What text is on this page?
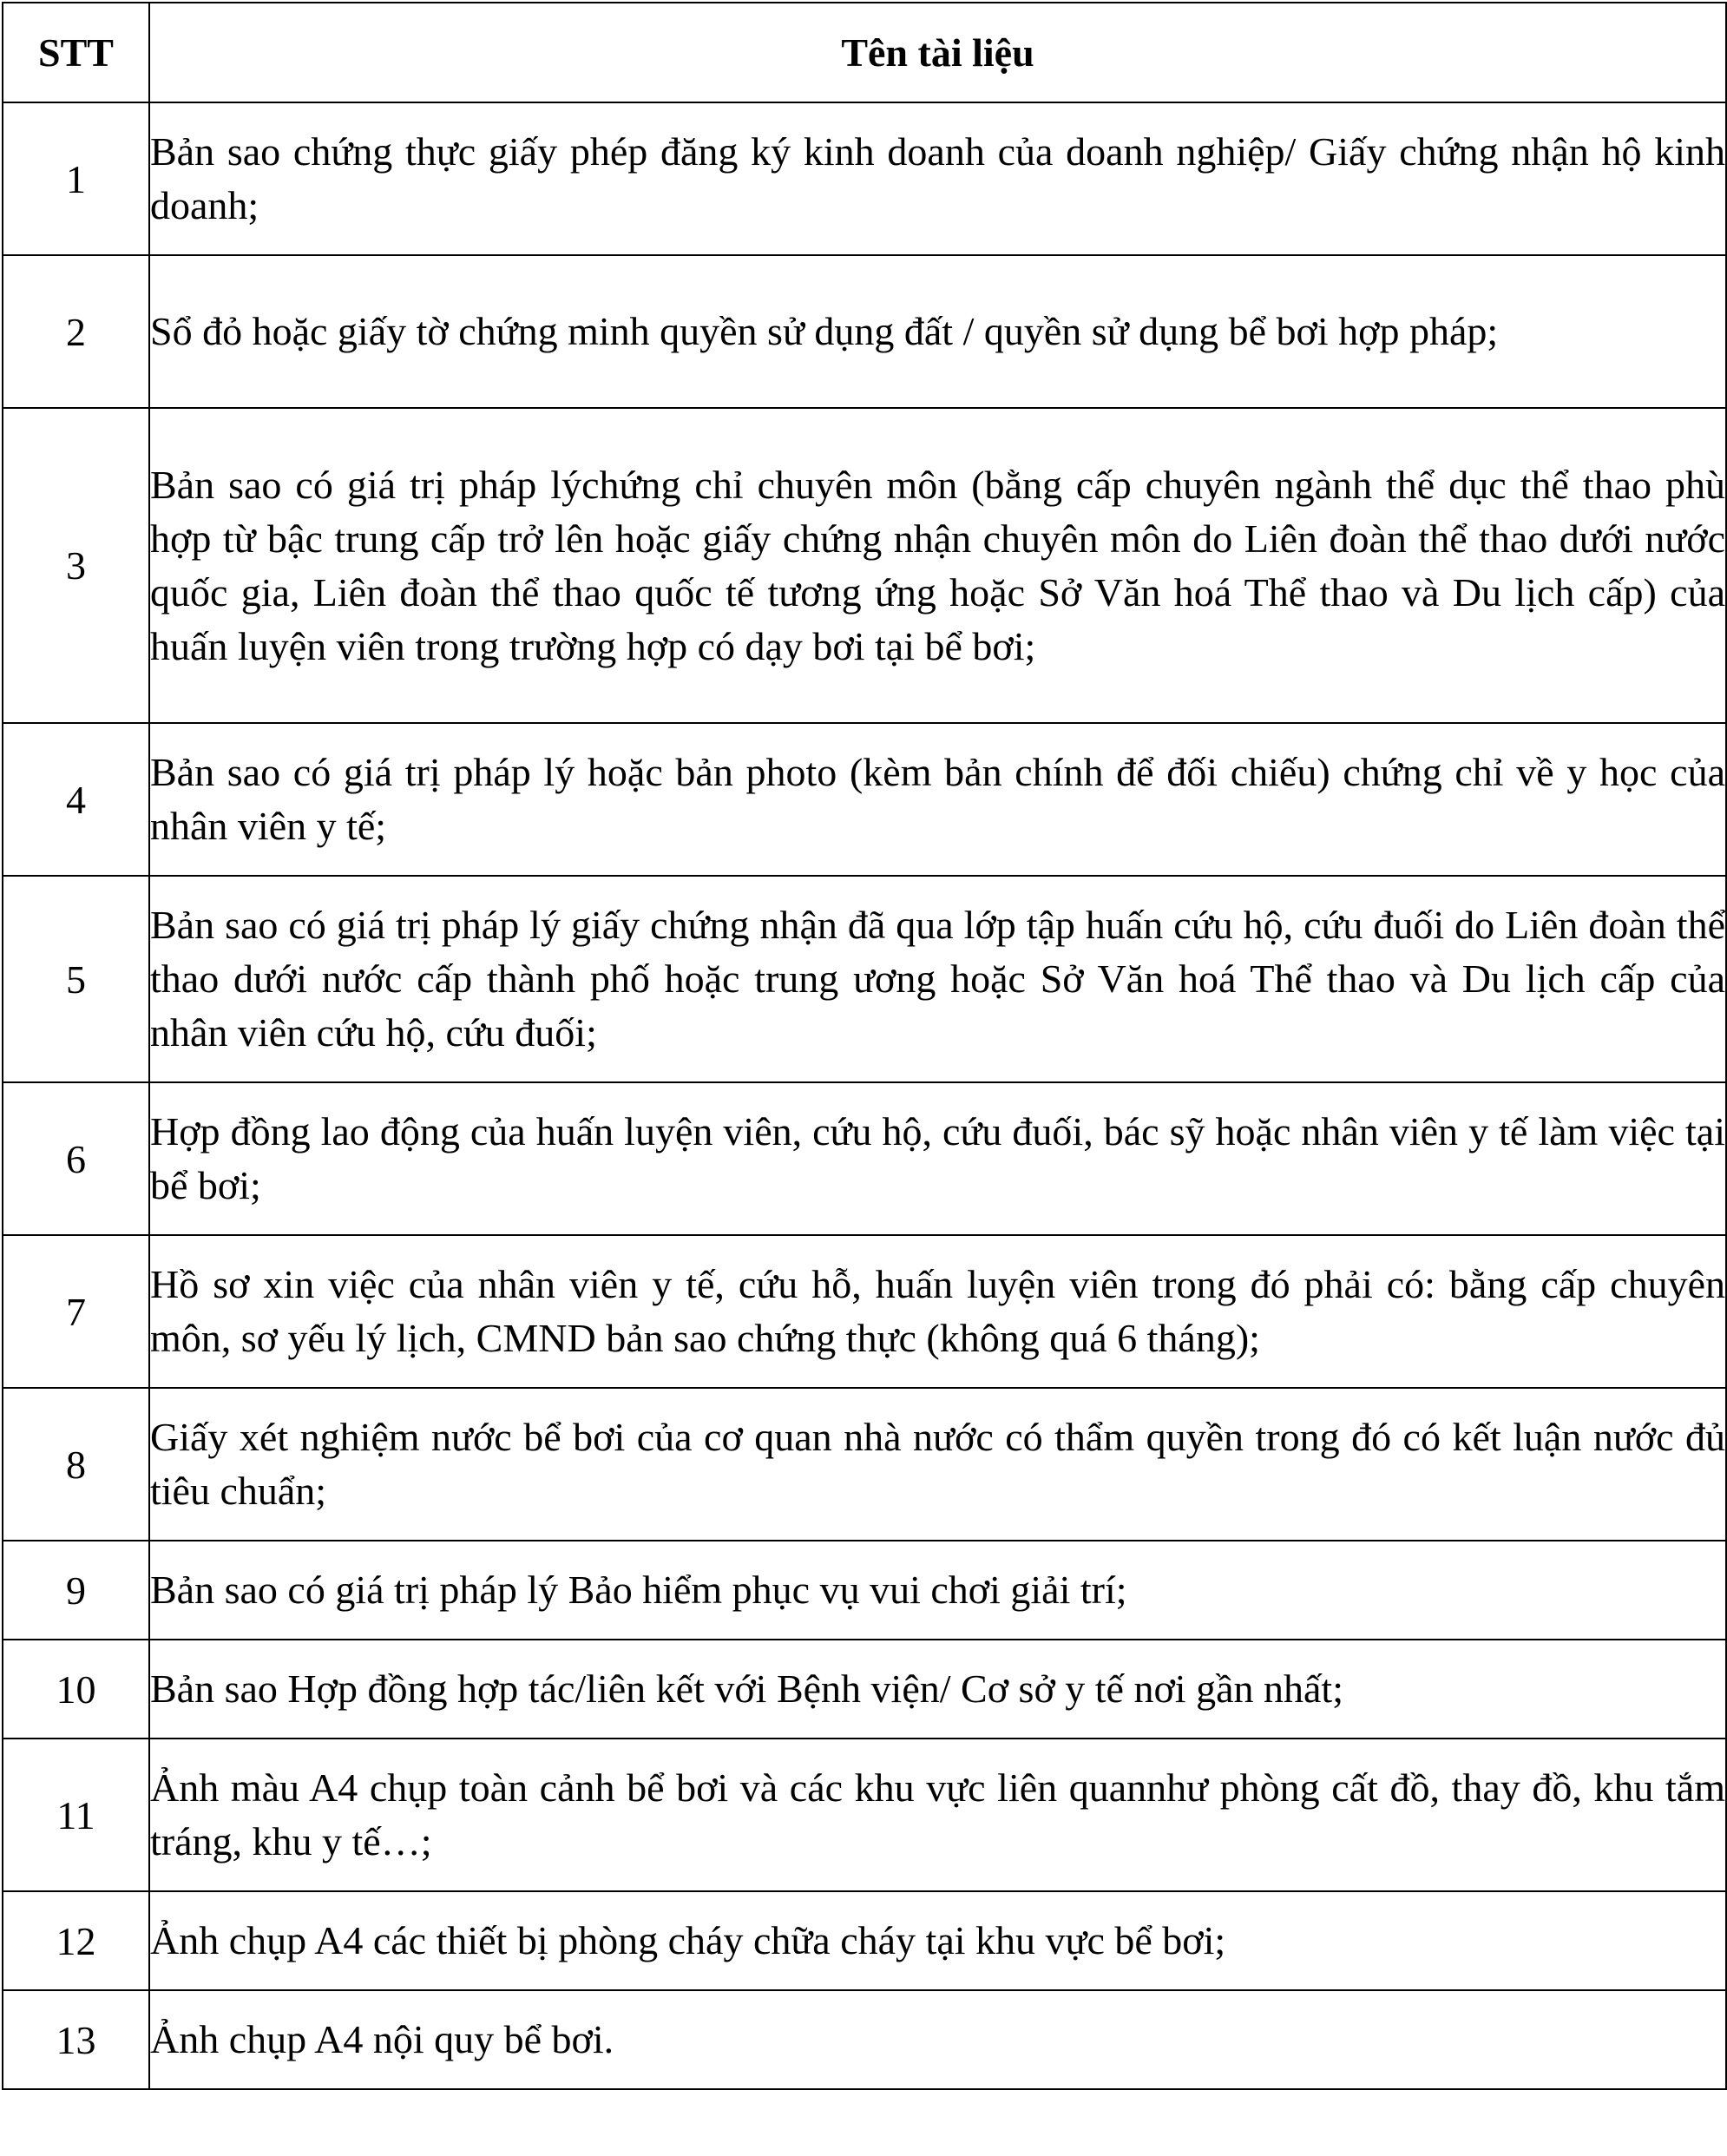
STT	Tên tài liệu
1	Bản sao chứng thực giấy phép đăng ký kinh doanh của doanh nghiệp/ Giấy chứng nhận hộ kinh doanh;
2	Sổ đỏ hoặc giấy tờ chứng minh quyền sử dụng đất / quyền sử dụng bể bơi hợp pháp;
3	Bản sao có giá trị pháp lýchứng chỉ chuyên môn (bằng cấp chuyên ngành thể dục thể thao phù hợp từ bậc trung cấp trở lên hoặc giấy chứng nhận chuyên môn do Liên đoàn thể thao dưới nước quốc gia, Liên đoàn thể thao quốc tế tương ứng hoặc Sở Văn hoá Thể thao và Du lịch cấp) của huấn luyện viên trong trường hợp có dạy bơi tại bể bơi;
4	Bản sao có giá trị pháp lý hoặc bản photo (kèm bản chính để đối chiếu) chứng chỉ về y học của nhân viên y tế;
5	Bản sao có giá trị pháp lý giấy chứng nhận đã qua lớp tập huấn cứu hộ, cứu đuối do Liên đoàn thể thao dưới nước cấp thành phố hoặc trung ương hoặc Sở Văn hoá Thể thao và Du lịch cấp của nhân viên cứu hộ, cứu đuối;
6	Hợp đồng lao động của huấn luyện viên, cứu hộ, cứu đuối, bác sỹ hoặc nhân viên y tế làm việc tại bể bơi;
7	Hồ sơ xin việc của nhân viên y tế, cứu hỗ, huấn luyện viên trong đó phải có: bằng cấp chuyên môn, sơ yếu lý lịch, CMND bản sao chứng thực (không quá 6 tháng);
8	Giấy xét nghiệm nước bể bơi của cơ quan nhà nước có thẩm quyền trong đó có kết luận nước đủ tiêu chuẩn;
9	Bản sao có giá trị pháp lý Bảo hiểm phục vụ vui chơi giải trí;
10	Bản sao Hợp đồng hợp tác/liên kết với Bệnh viện/ Cơ sở y tế nơi gần nhất;
11	Ảnh màu A4 chụp toàn cảnh bể bơi và các khu vực liên quannhư phòng cất đồ, thay đồ, khu tắm tráng, khu y tế…;
12	Ảnh chụp A4 các thiết bị phòng cháy chữa cháy tại khu vực bể bơi;
13	Ảnh chụp A4 nội quy bể bơi.
